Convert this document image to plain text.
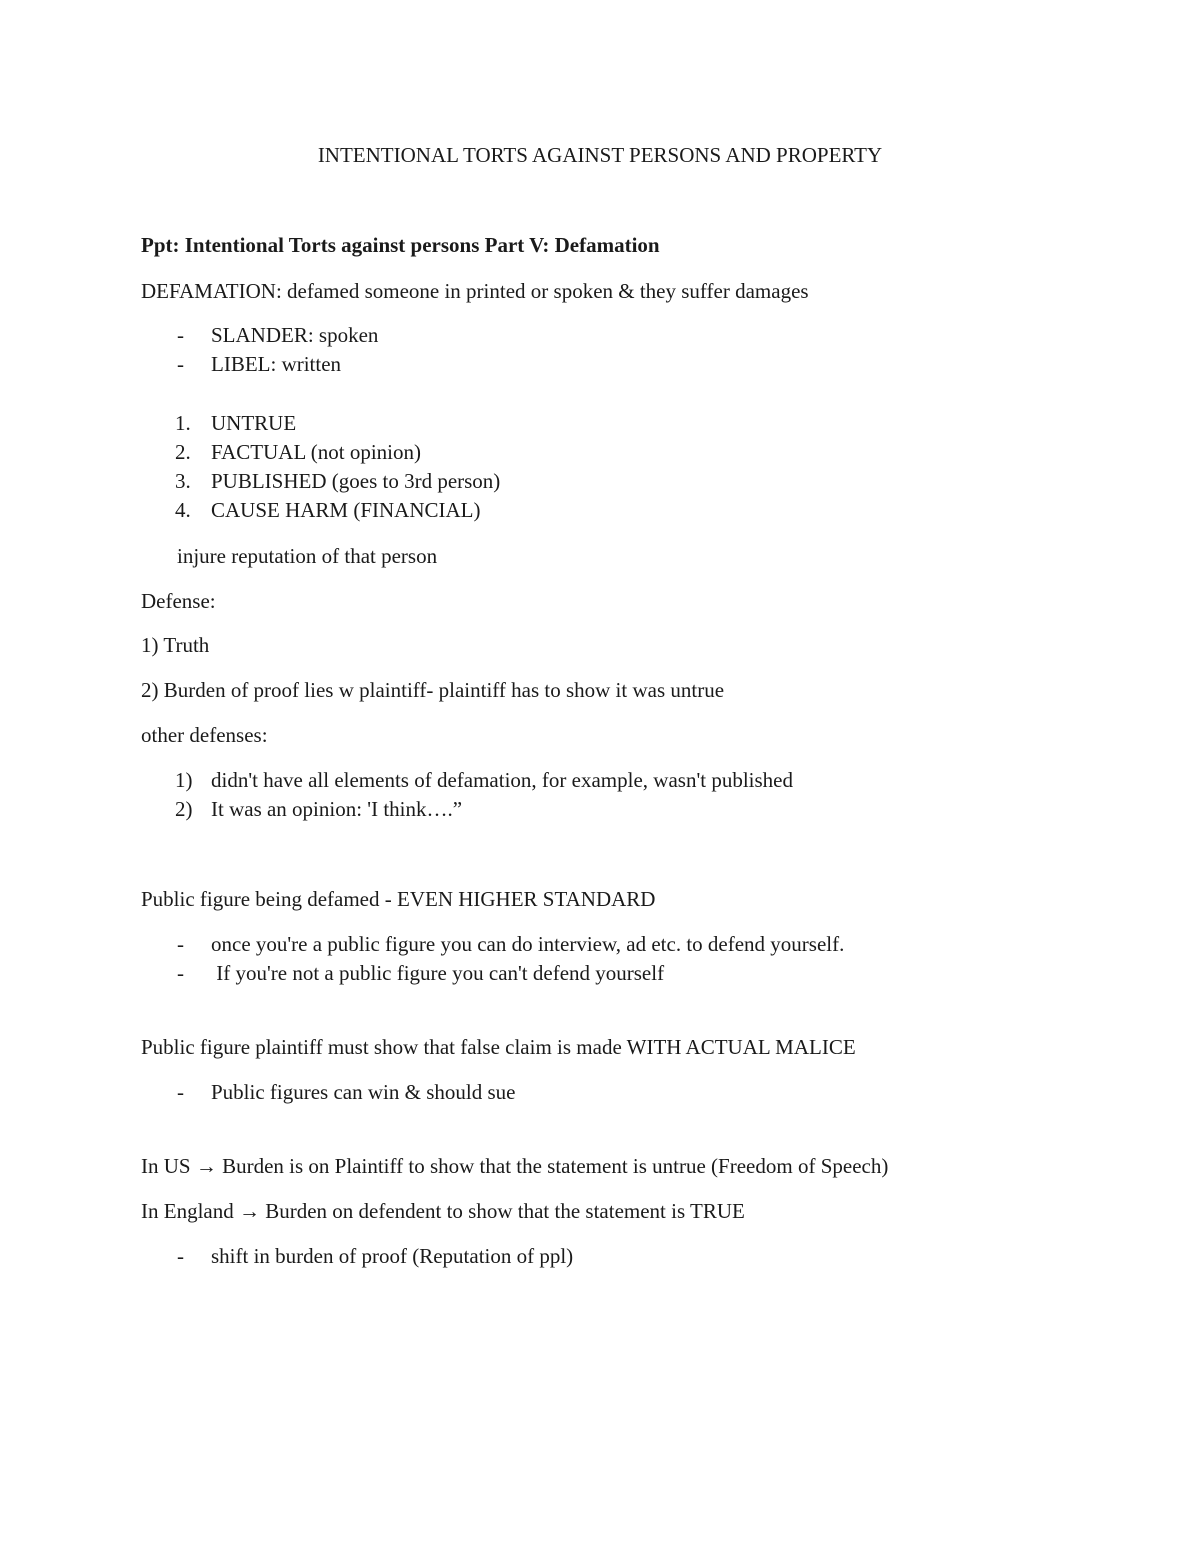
INTENTIONAL TORTS AGAINST PERSONS AND PROPERTY
Ppt: Intentional Torts against persons Part V: Defamation
DEFAMATION: defamed someone in printed or spoken & they suffer damages
- SLANDER: spoken
- LIBEL: written
1. UNTRUE
2. FACTUAL (not opinion)
3. PUBLISHED (goes to 3rd person)
4. CAUSE HARM (FINANCIAL)
injure reputation of that person
Defense:
1) Truth
2) Burden of proof lies w plaintiff- plaintiff has to show it was untrue
other defenses:
1) didn't have all elements of defamation, for example, wasn't published
2) It was an opinion: 'I think….”
Public figure being defamed - EVEN HIGHER STANDARD
- once you're a public figure you can do interview, ad etc. to defend yourself.
- If you're not a public figure you can't defend yourself
Public figure plaintiff must show that false claim is made WITH ACTUAL MALICE
- Public figures can win & should sue
In US → Burden is on Plaintiff to show that the statement is untrue (Freedom of Speech)
In England → Burden on defendent to show that the statement is TRUE
- shift in burden of proof (Reputation of ppl)
